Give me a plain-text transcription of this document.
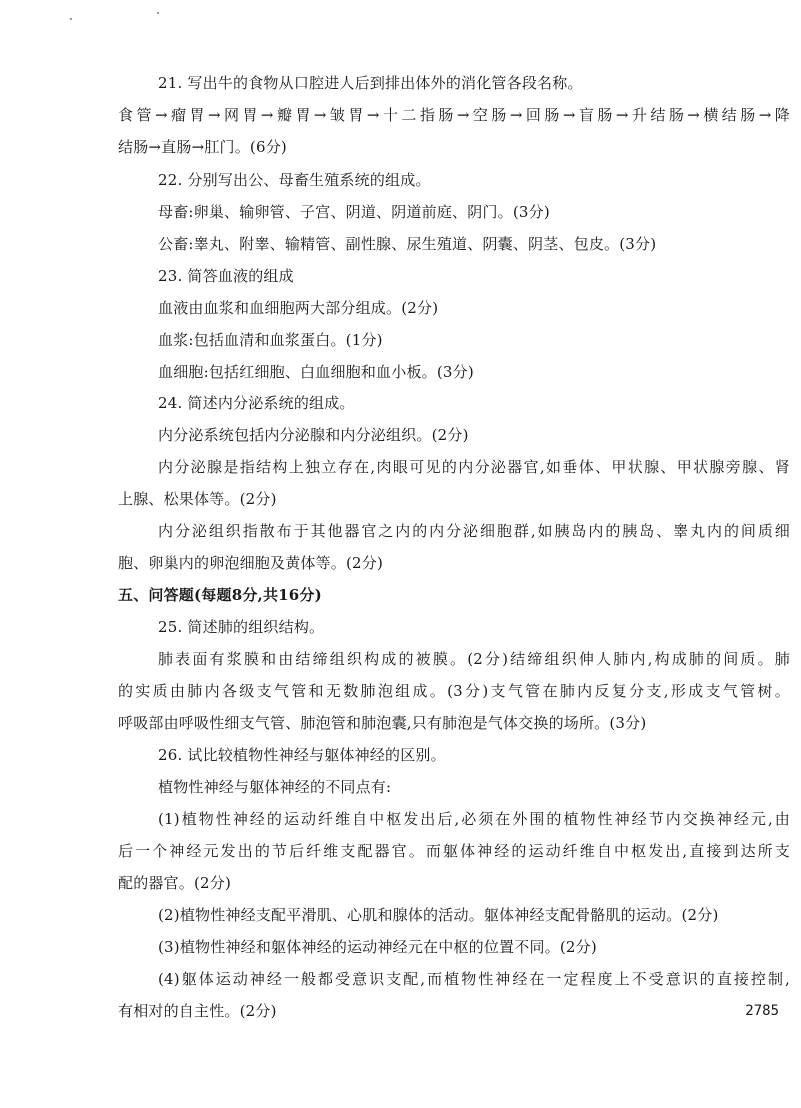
21. 写出牛的食物从口腔进人后到排出体外的消化管各段名称。
食管→瘤胃→网胃→瓣胃→皱胃→十二指肠→空肠→回肠→盲肠→升结肠→横结肠→降
结肠→直肠→肛门。(6分)
22. 分别写出公、母畜生殖系统的组成。
母畜:卵巢、输卵管、子宫、阴道、阴道前庭、阴门。(3分)
公畜:睾丸、附睾、输精管、副性腺、尿生殖道、阴囊、阴茎、包皮。(3分)
23. 简答血液的组成
血液由血浆和血细胞两大部分组成。(2分)
血浆:包括血清和血浆蛋白。(1分)
血细胞:包括红细胞、白血细胞和血小板。(3分)
24. 简述内分泌系统的组成。
内分泌系统包括内分泌腺和内分泌组织。(2分)
内分泌腺是指结构上独立存在,肉眼可见的内分泌器官,如垂体、甲状腺、甲状腺旁腺、肾
上腺、松果体等。(2分)
内分泌组织指散布于其他器官之内的内分泌细胞群,如胰岛内的胰岛、睾丸内的间质细
胞、卵巢内的卵泡细胞及黄体等。(2分)
五、问答题(每题8分,共16分)
25. 简述肺的组织结构。
肺表面有浆膜和由结缔组织构成的被膜。(2分)结缔组织伸人肺内,构成肺的间质。肺
的实质由肺内各级支气管和无数肺泡组成。(3分)支气管在肺内反复分支,形成支气管树。
呼吸部由呼吸性细支气管、肺泡管和肺泡囊,只有肺泡是气体交换的场所。(3分)
26. 试比较植物性神经与躯体神经的区别。
植物性神经与躯体神经的不同点有:
(1)植物性神经的运动纤维自中枢发出后,必须在外围的植物性神经节内交换神经元,由
后一个神经元发出的节后纤维支配器官。而躯体神经的运动纤维自中枢发出,直接到达所支
配的器官。(2分)
(2)植物性神经支配平滑肌、心肌和腺体的活动。躯体神经支配骨骼肌的运动。(2分)
(3)植物性神经和躯体神经的运动神经元在中枢的位置不同。(2分)
(4)躯体运动神经一般都受意识支配,而植物性神经在一定程度上不受意识的直接控制,
有相对的自主性。(2分)	2785
